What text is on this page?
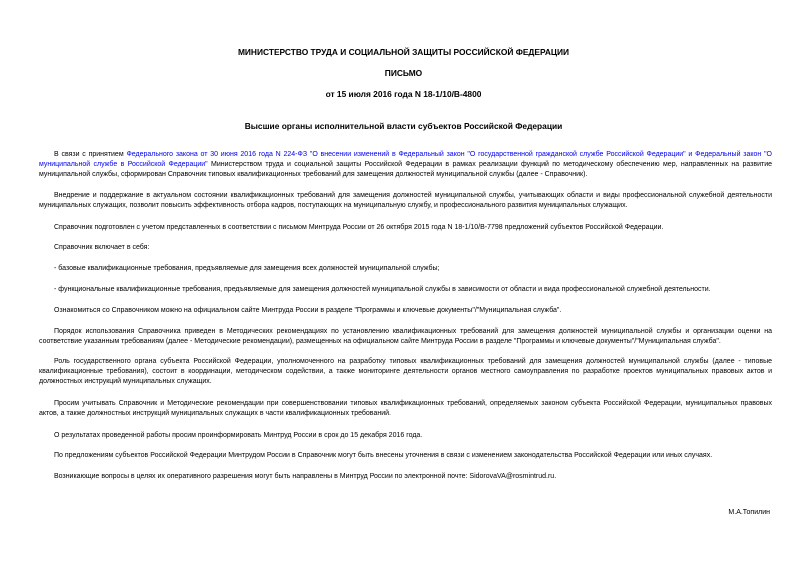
МИНИСТЕРСТВО ТРУДА И СОЦИАЛЬНОЙ ЗАЩИТЫ РОССИЙСКОЙ ФЕДЕРАЦИИ
ПИСЬМО
от 15 июля 2016 года N 18-1/10/В-4800
Высшие органы исполнительной власти субъектов Российской Федерации
В связи с принятием Федерального закона от 30 июня 2016 года N 224-ФЗ "О внесении изменений в Федеральный закон "О государственной гражданской службе Российской Федерации" и Федеральный закон "О муниципальной службе в Российской Федерации" Министерством труда и социальной защиты Российской Федерации в рамках реализации функций по методическому обеспечению мер, направленных на развитие муниципальной службы, сформирован Справочник типовых квалификационных требований для замещения должностей муниципальной службы (далее - Справочник).
Внедрение и поддержание в актуальном состоянии квалификационных требований для замещения должностей муниципальной службы, учитывающих области и виды профессиональной служебной деятельности муниципальных служащих, позволит повысить эффективность отбора кадров, поступающих на муниципальную службу, и профессионального развития муниципальных служащих.
Справочник подготовлен с учетом представленных в соответствии с письмом Минтруда России от 26 октября 2015 года N 18-1/10/В-7798 предложений субъектов Российской Федерации.
Справочник включает в себя:
- базовые квалификационные требования, предъявляемые для замещения всех должностей муниципальной службы;
- функциональные квалификационные требования, предъявляемые для замещения должностей муниципальной службы в зависимости от области и вида профессиональной служебной деятельности.
Ознакомиться со Справочником можно на официальном сайте Минтруда России в разделе "Программы и ключевые документы"/"Муниципальная служба".
Порядок использования Справочника приведен в Методических рекомендациях по установлению квалификационных требований для замещения должностей муниципальной службы и организации оценки на соответствие указанным требованиям (далее - Методические рекомендации), размещенных на официальном сайте Минтруда России в разделе "Программы и ключевые документы"/"Муниципальная служба".
Роль государственного органа субъекта Российской Федерации, уполномоченного на разработку типовых квалификационных требований для замещения должностей муниципальной службы (далее - типовые квалификационные требования), состоит в координации, методическом содействии, а также мониторинге деятельности органов местного самоуправления по разработке проектов муниципальных правовых актов и должностных инструкций муниципальных служащих.
Просим учитывать Справочник и Методические рекомендации при совершенствовании типовых квалификационных требований, определяемых законом субъекта Российской Федерации, муниципальных правовых актов, а также должностных инструкций муниципальных служащих в части квалификационных требований.
О результатах проведенной работы просим проинформировать Минтруд России в срок до 15 декабря 2016 года.
По предложениям субъектов Российской Федерации Минтрудом России в Справочник могут быть внесены уточнения в связи с изменением законодательства Российской Федерации или иных случаях.
Возникающие вопросы в целях их оперативного разрешения могут быть направлены в Минтруд России по электронной почте: SidorovaVA@rosmintrud.ru.
М.А.Топилин
